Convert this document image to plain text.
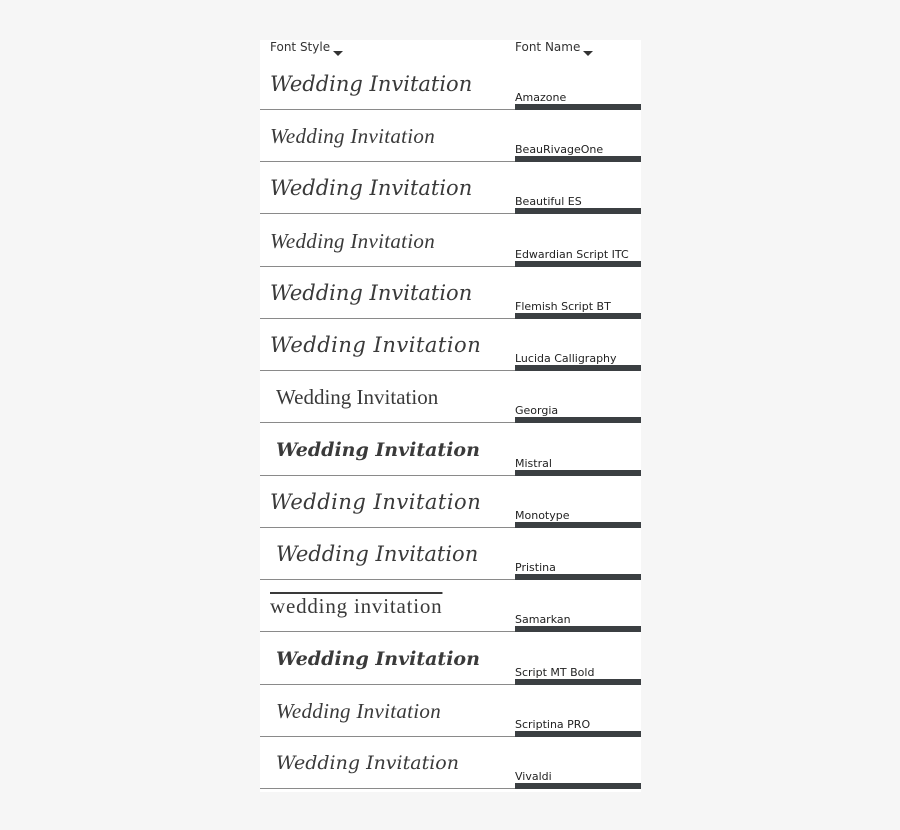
Font Style	Font Name
Wedding Invitation
Amazone
Wedding Invitation
BeauRivageOne
Wedding Invitation
Beautiful ES
Wedding Invitation
Edwardian Script ITC
Wedding Invitation
Flemish Script BT
Wedding Invitation
Lucida Calligraphy
Wedding Invitation
Georgia
Wedding Invitation
Mistral
Wedding Invitation
Monotype
Wedding Invitation
Pristina
wedding invitation
Samarkan
Wedding Invitation
Script MT Bold
Wedding Invitation
Scriptina PRO
Wedding Invitation
Vivaldi
